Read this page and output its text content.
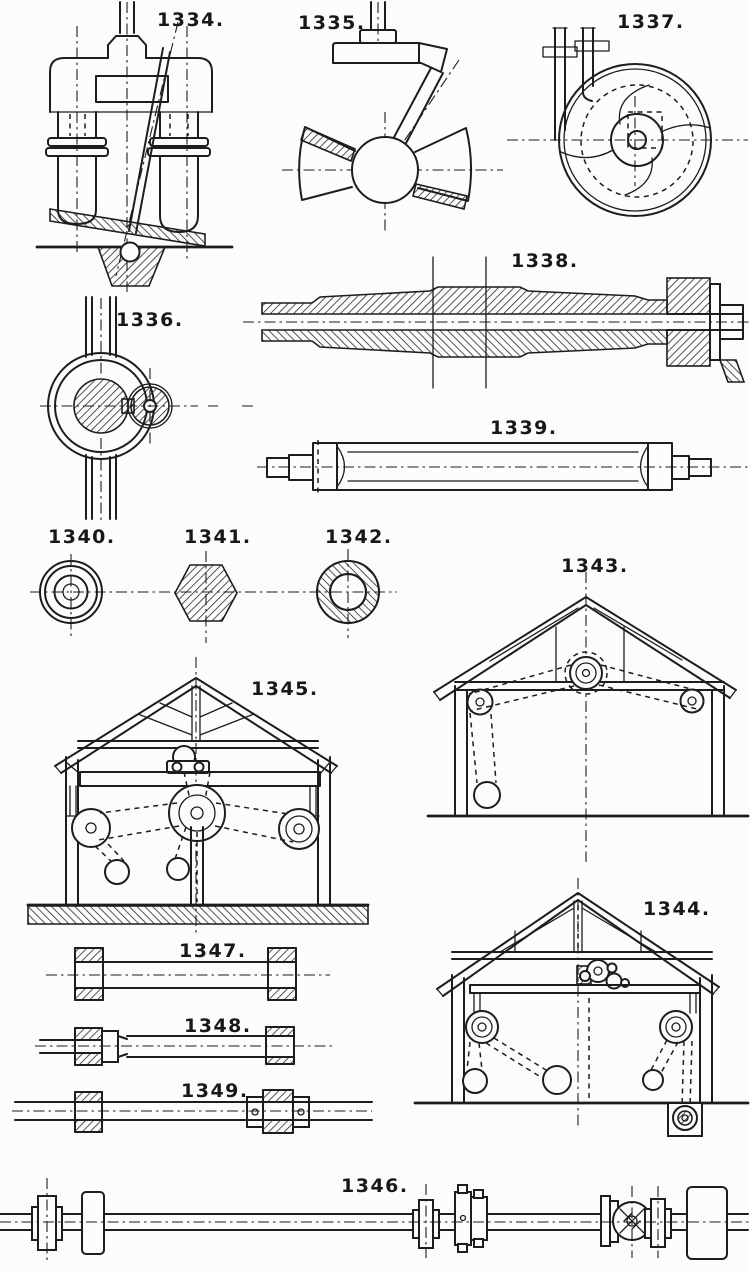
1334.	1335.	1337.
1336.
1338.
1339.
1340.	1341.	1342.
1343.
1345.
1344.
1347.
1348.
1349.
1346.
